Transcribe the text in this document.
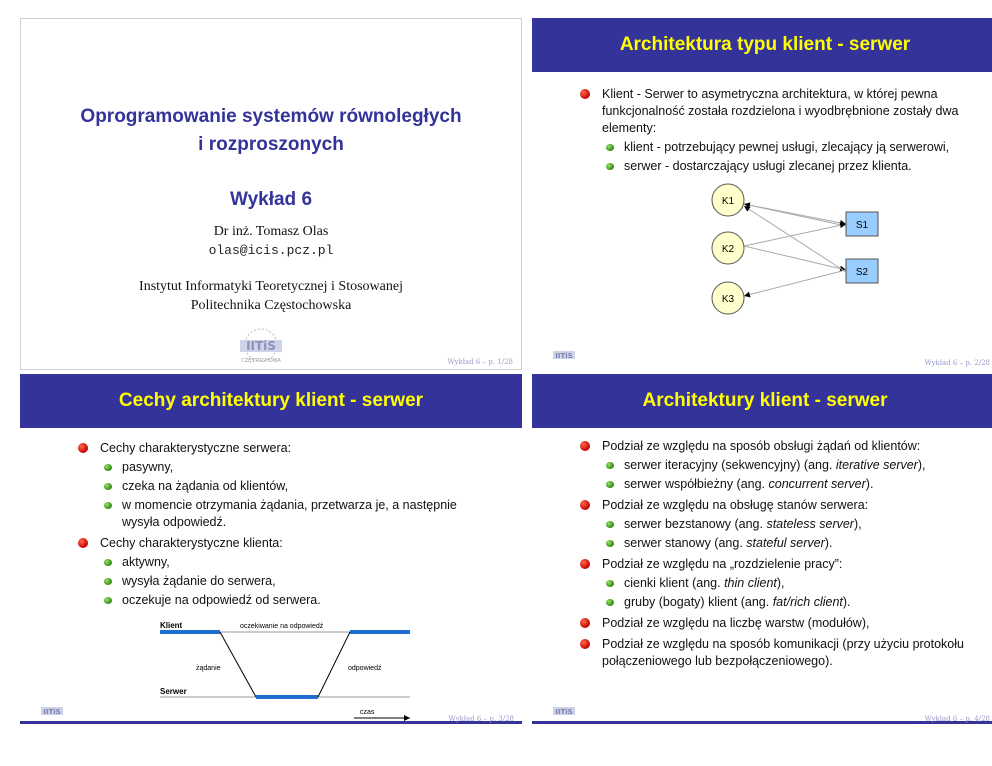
Oprogramowanie systemów równoległych
i rozproszonych
Wykład 6
Dr inż. Tomasz Olas
olas@icis.pcz.pl
Instytut Informatyki Teoretycznej i Stosowanej
Politechnika Częstochowska
IITiS
CZĘSTOCHOWA	Wykład 6 – p. 1/28
Architektura typu klient - serwer
Klient - Serwer to asymetryczna architektura, w której pewna funkcjonalność została rozdzielona i wyodbrębnione zostały dwa elementy:
klient - potrzebujący pewnej usługi, zlecający ją serwerowi,
serwer - dostarczający usługi zlecanej przez klienta.
K1
K2
K3
S1
S2
IITiS
Wykład 6 – p. 2/28
Cechy architektury klient - serwer
Cechy charakterystyczne serwera:
pasywny,
czeka na żądania od klientów,
w momencie otrzymania żądania, przetwarza je, a następnie wysyła odpowiedź.
Cechy charakterystyczne klienta:
aktywny,
wysyła żądanie do serwera,
oczekuje na odpowiedź od serwera.
Klient	oczekiwanie na odpowiedź
żądanie	odpowiedź
Serwer
czas
IITiS
Wykład 6 – p. 3/28
Architektury klient - serwer
Podział ze względu na sposób obsługi żądań od klientów:
serwer iteracyjny (sekwencyjny) (ang. iterative server),
serwer współbieżny (ang. concurrent server).
Podział ze względu na obsługę stanów serwera:
serwer bezstanowy (ang. stateless server),
serwer stanowy (ang. stateful server).
Podział ze względu na „rozdzielenie pracy”:
cienki klient (ang. thin client),
gruby (bogaty) klient (ang. fat/rich client).
Podział ze względu na liczbę warstw (modułów),
Podział ze względu na sposób komunikacji (przy użyciu protokołu połączeniowego lub bezpołączeniowego).
IITiS
Wykład 6 – p. 4/28
